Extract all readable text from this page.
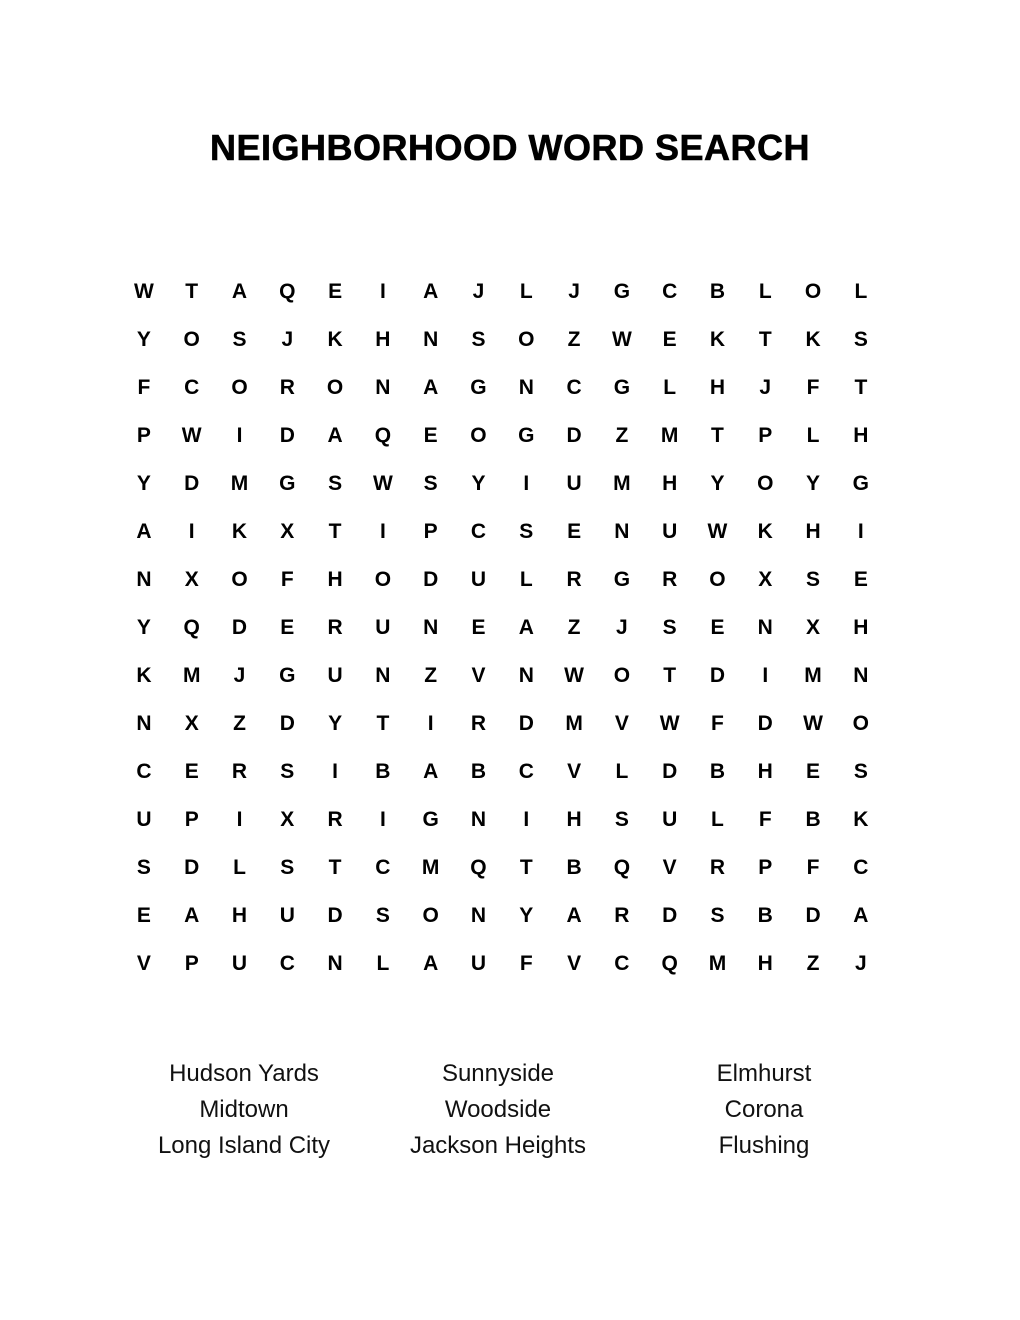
NEIGHBORHOOD WORD SEARCH
W	T	A	Q	E	I	A	J	L	J	G	C	B	L	O	L
Y	O	S	J	K	H	N	S	O	Z	W	E	K	T	K	S
F	C	O	R	O	N	A	G	N	C	G	L	H	J	F	T
P	W	I	D	A	Q	E	O	G	D	Z	M	T	P	L	H
Y	D	M	G	S	W	S	Y	I	U	M	H	Y	O	Y	G
A	I	K	X	T	I	P	C	S	E	N	U	W	K	H	I
N	X	O	F	H	O	D	U	L	R	G	R	O	X	S	E
Y	Q	D	E	R	U	N	E	A	Z	J	S	E	N	X	H
K	M	J	G	U	N	Z	V	N	W	O	T	D	I	M	N
N	X	Z	D	Y	T	I	R	D	M	V	W	F	D	W	O
C	E	R	S	I	B	A	B	C	V	L	D	B	H	E	S
U	P	I	X	R	I	G	N	I	H	S	U	L	F	B	K
S	D	L	S	T	C	M	Q	T	B	Q	V	R	P	F	C
E	A	H	U	D	S	O	N	Y	A	R	D	S	B	D	A
V	P	U	C	N	L	A	U	F	V	C	Q	M	H	Z	J
Hudson Yards
Midtown
Long Island City
Sunnyside
Woodside
Jackson Heights
Elmhurst
Corona
Flushing
